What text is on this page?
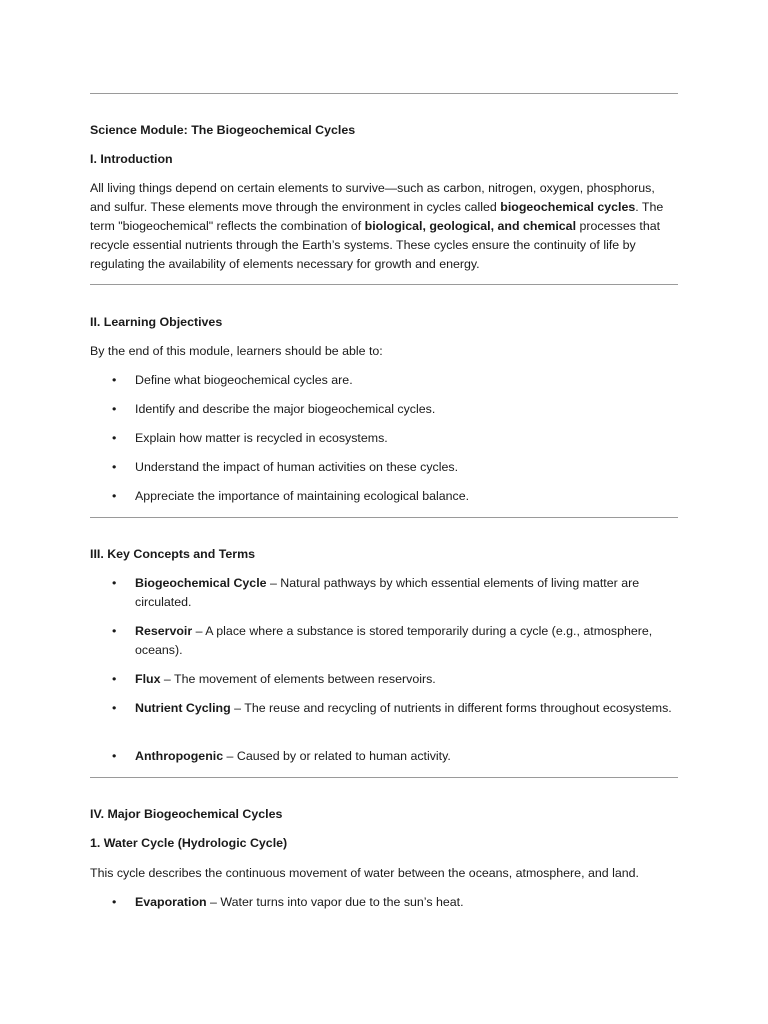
Science Module: The Biogeochemical Cycles

I. Introduction

All living things depend on certain elements to survive—such as carbon, nitrogen, oxygen, phosphorus, and sulfur. These elements move through the environment in cycles called biogeochemical cycles. The term "biogeochemical" reflects the combination of biological, geological, and chemical processes that recycle essential nutrients through the Earth’s systems. These cycles ensure the continuity of life by regulating the availability of elements necessary for growth and energy.

II. Learning Objectives

By the end of this module, learners should be able to:

•	Define what biogeochemical cycles are.
•	Identify and describe the major biogeochemical cycles.
•	Explain how matter is recycled in ecosystems.
•	Understand the impact of human activities on these cycles.
•	Appreciate the importance of maintaining ecological balance.

III. Key Concepts and Terms

•	Biogeochemical Cycle – Natural pathways by which essential elements of living matter are circulated.
•	Reservoir – A place where a substance is stored temporarily during a cycle (e.g., atmosphere, oceans).
•	Flux – The movement of elements between reservoirs.
•	Nutrient Cycling – The reuse and recycling of nutrients in different forms throughout ecosystems.
•	Anthropogenic – Caused by or related to human activity.

IV. Major Biogeochemical Cycles

1. Water Cycle (Hydrologic Cycle)

This cycle describes the continuous movement of water between the oceans, atmosphere, and land.

•	Evaporation – Water turns into vapor due to the sun’s heat.
